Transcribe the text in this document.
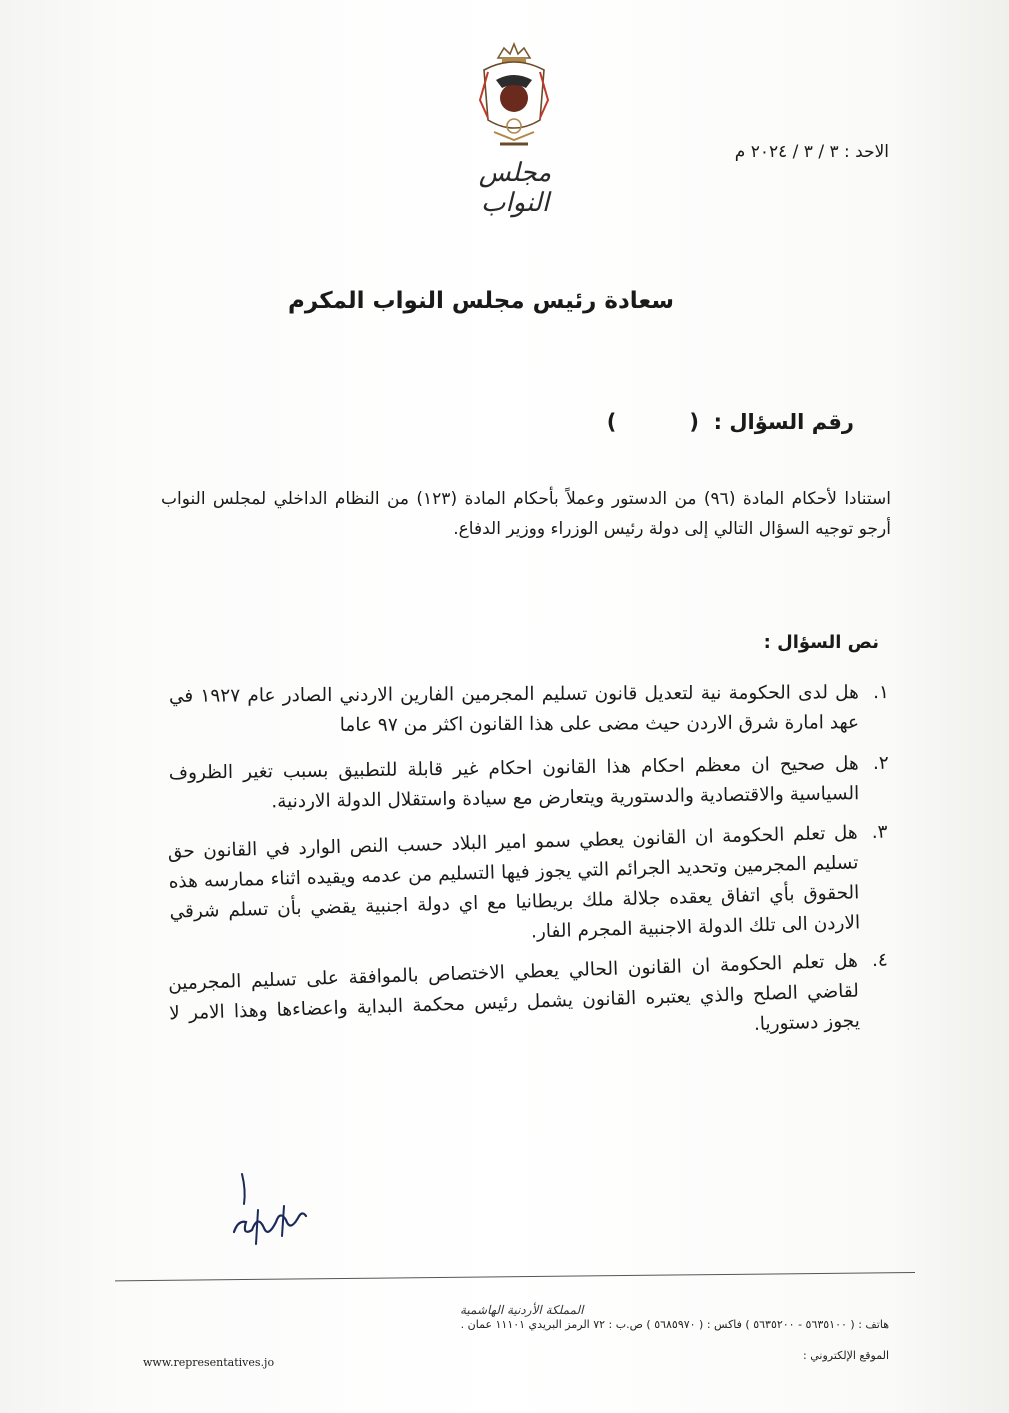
مجلس النواب
الاحد : ٣ / ٣ / ٢٠٢٤ م
سعادة رئيس مجلس النواب المكرم
رقم السؤال :  (          )
استنادا لأحكام المادة (٩٦) من الدستور وعملاً بأحكام المادة (١٢٣) من النظام الداخلي لمجلس النواب أرجو توجيه السؤال التالي إلى دولة رئيس الوزراء ووزير الدفاع.
نص السؤال :
١.
هل لدى الحكومة نية لتعديل قانون تسليم المجرمين الفارين الاردني الصادر عام ١٩٢٧ في عهد امارة شرق الاردن حيث مضى على هذا القانون اكثر من ٩٧ عاما
٢.
هل صحيح ان معظم احكام هذا القانون احكام غير قابلة للتطبيق بسبب تغير الظروف السياسية والاقتصادية والدستورية ويتعارض مع سيادة واستقلال الدولة الاردنية.
٣.
هل تعلم الحكومة ان القانون يعطي سمو امير البلاد حسب النص الوارد في القانون حق تسليم المجرمين وتحديد الجرائم التي يجوز فيها التسليم من عدمه ويقيده اثناء ممارسه هذه الحقوق بأي اتفاق يعقده جلالة ملك بريطانيا مع اي دولة اجنبية يقضي بأن تسلم شرقي الاردن الى تلك الدولة الاجنبية المجرم الفار.
٤.
هل تعلم الحكومة ان القانون الحالي يعطي الاختصاص بالموافقة على تسليم المجرمين لقاضي الصلح والذي يعتبره القانون يشمل رئيس محكمة البداية واعضاءها وهذا الامر لا يجوز دستوريا.
المملكة الأردنية الهاشمية
هاتف : ( ٥٦٣٥١٠٠ - ٥٦٣٥٢٠٠ ) فاكس : ( ٥٦٨٥٩٧٠ ) ص.ب : ٧٢ الرمز البريدي ١١١٠١ عمان .
الموقع الإلكتروني :
www.representatives.jo
